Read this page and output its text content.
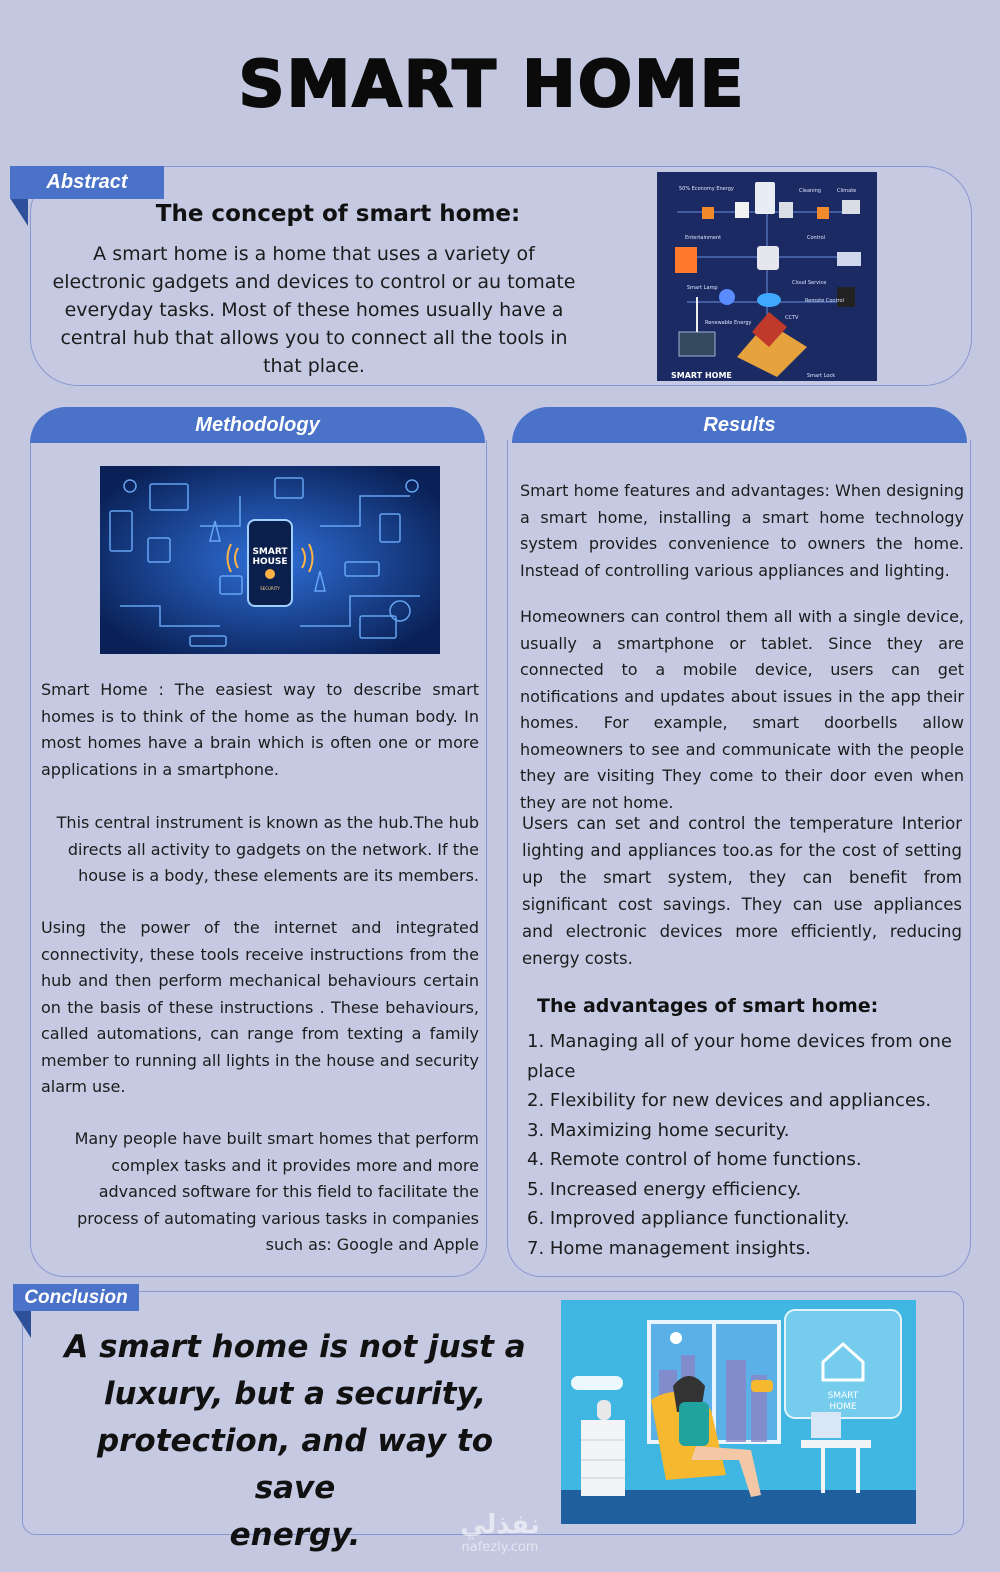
SMART HOME
Abstract
The concept of smart home:
A smart home is a home that uses a variety of electronic gadgets and devices to control or au tomate everyday tasks. Most of these homes usually have a central hub that allows you to connect all the tools in that place.
50% Economy Energy	Cleaning	Climate
Entertainment	Control
Smart Lamp
Cloud Service
Remote Control
Renewable Energy
CCTV
Smart Lock
SMART HOME
Methodology
SMART
HOUSE
SECURITY
Smart Home : The easiest way to describe smart homes is to think of the home as the human body. In most homes have a brain which is often one or more applications in a smartphone.
This central instrument is known as the hub.The hub directs all activity to gadgets on the network. If the house is a body, these elements are its members.
Using the power of the internet and integrated connectivity, these tools receive instructions from the hub and then perform mechanical behaviours certain on the basis of these instructions . These behaviours, called automations, can range from texting a family member to running all lights in the house and security alarm use.
Many people have built smart homes that perform complex tasks and it provides more and more advanced software for this field to facilitate the process of automating various tasks in companies such as: Google and Apple
Results
Smart home features and advantages: When designing a smart home, installing a smart home technology system provides convenience to owners the home. Instead of controlling various appliances and lighting.
Homeowners can control them all with a single device, usually a smartphone or tablet. Since they are connected to a mobile device, users can get notifications and updates about issues in the app their homes. For example, smart doorbells allow homeowners to see and communicate with the people they are visiting They come to their door even when they are not home.
Users can set and control the temperature Interior lighting and appliances too.as for the cost of setting up the smart system, they can benefit from significant cost savings. They can use appliances and electronic devices more efficiently, reducing energy costs.
The advantages of smart home:
1. Managing all of your home devices from one place
2. Flexibility for new devices and appliances.
3. Maximizing home security.
4. Remote control of home functions.
5. Increased energy efficiency.
6. Improved appliance functionality.
7. Home management insights.
Conclusion
A smart home is not just a
luxury, but a security,
protection, and way to save
energy.
SMART
HOME
نفذلي
nafezly.com
